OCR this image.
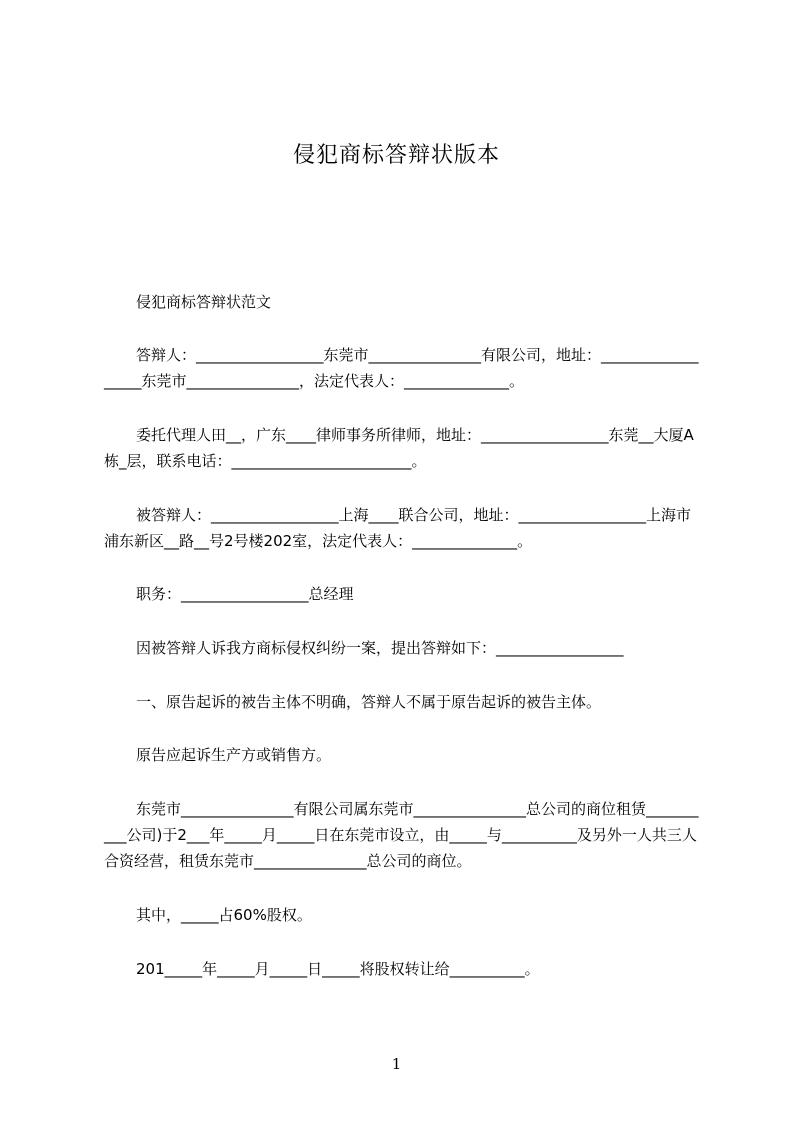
侵犯商标答辩状版本
侵犯商标答辩状范文
答辩人：_________________东莞市_______________有限公司，地址：__________________东莞市_______________，法定代表人：______________。
委托代理人田__，广东____律师事务所律师，地址：_________________东莞__大厦A栋_层，联系电话：________________________。
被答辩人：_________________上海____联合公司，地址：_________________上海市浦东新区__路__号2号楼202室，法定代表人：______________。
职务：_________________总经理
因被答辩人诉我方商标侵权纠纷一案，提出答辩如下：_________________
一、原告起诉的被告主体不明确，答辩人不属于原告起诉的被告主体。
原告应起诉生产方或销售方。
东莞市_______________有限公司属东莞市_______________总公司的商位租赁__________公司)于2___年_____月_____日在东莞市设立，由_____与__________及另外一人共三人合资经营，租赁东莞市_______________总公司的商位。
其中，_____占60%股权。
201_____年_____月_____日_____将股权转让给__________。
1
